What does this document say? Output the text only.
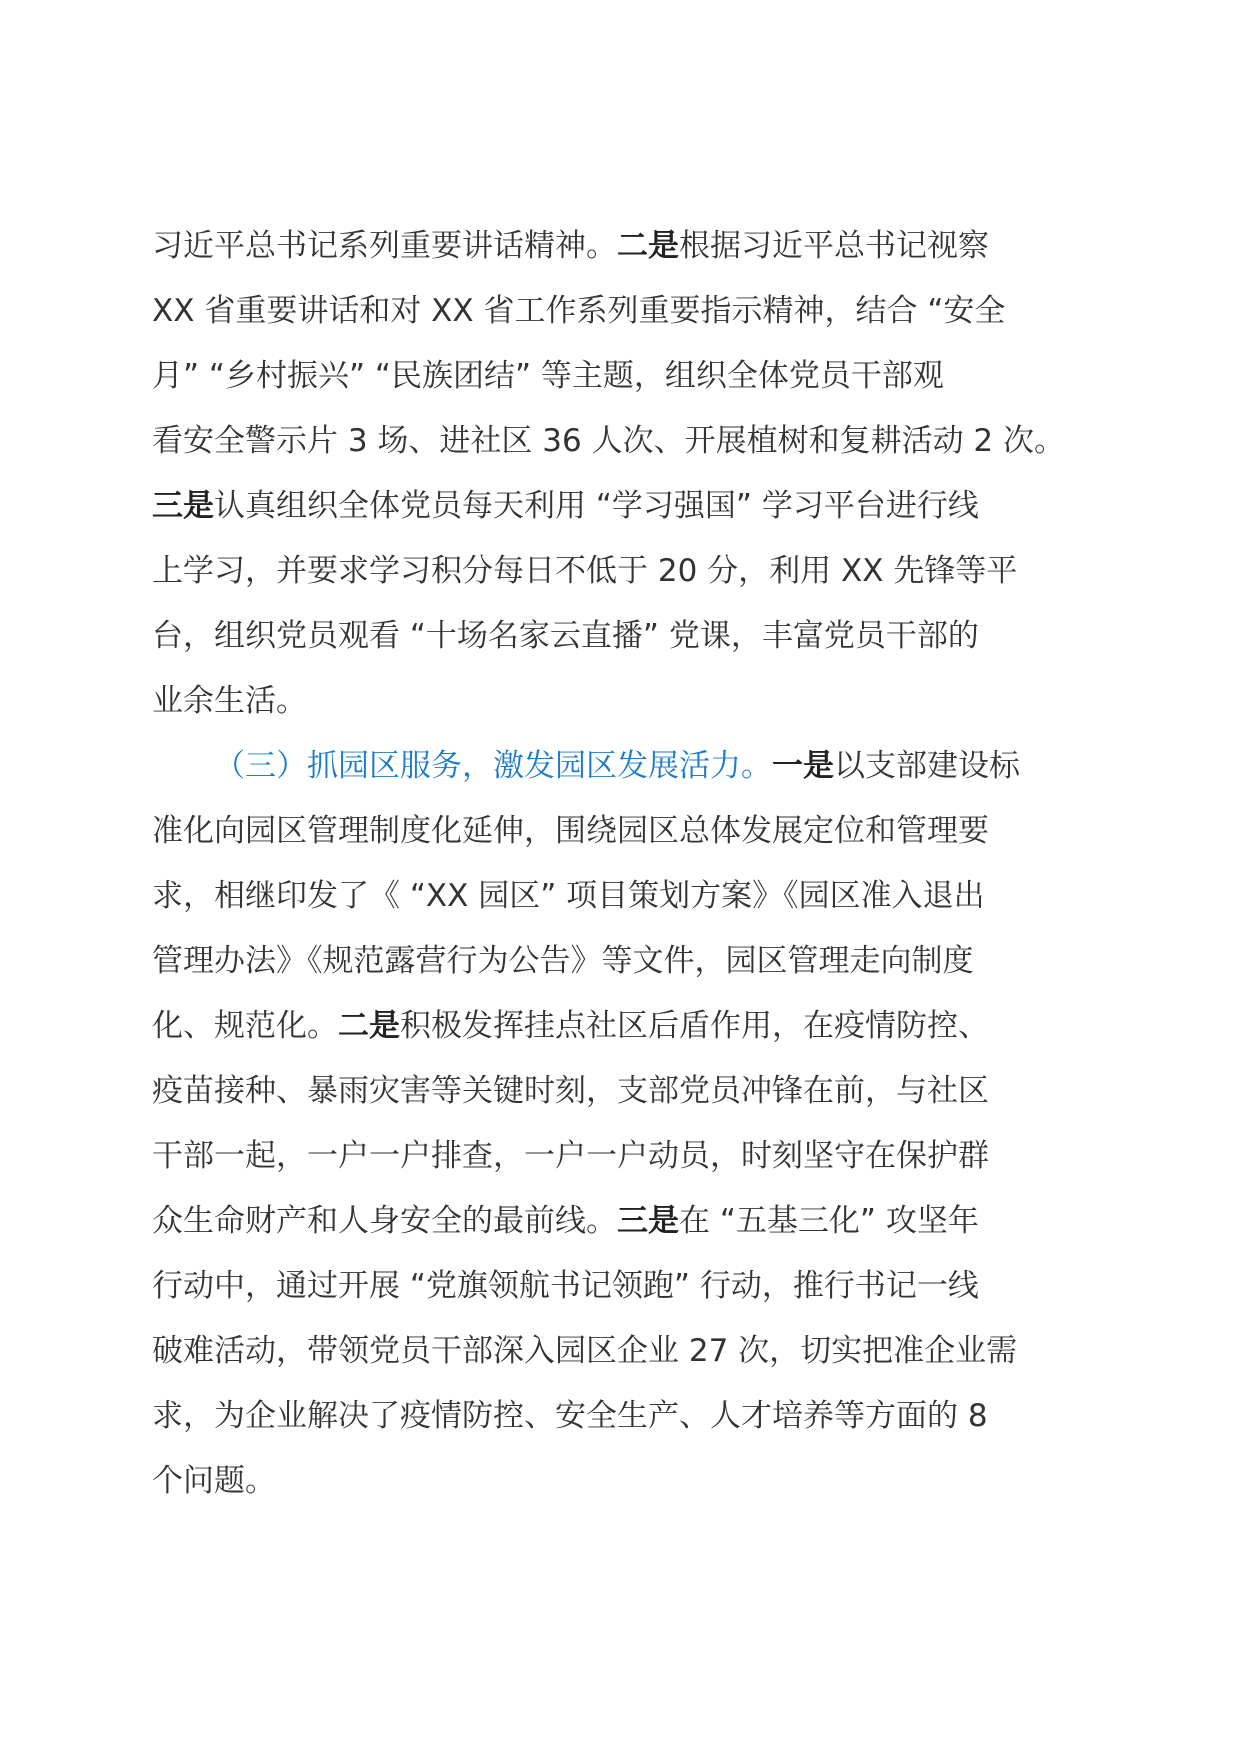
习近平总书记系列重要讲话精神。二是根据习近平总书记视察
XX 省重要讲话和对 XX 省工作系列重要指示精神，结合 “安全
月” “乡村振兴” “民族团结” 等主题，组织全体党员干部观
看安全警示片 3 场、进社区 36 人次、开展植树和复耕活动 2 次。
三是认真组织全体党员每天利用 “学习强国” 学习平台进行线
上学习，并要求学习积分每日不低于 20 分，利用 XX 先锋等平
台，组织党员观看 “十场名家云直播” 党课，丰富党员干部的
业余生活。
（三）抓园区服务，激发园区发展活力。一是以支部建设标
准化向园区管理制度化延伸，围绕园区总体发展定位和管理要
求，相继印发了《 “XX 园区” 项目策划方案》《园区准入退出
管理办法》《规范露营行为公告》等文件，园区管理走向制度
化、规范化。二是积极发挥挂点社区后盾作用，在疫情防控、
疫苗接种、暴雨灾害等关键时刻，支部党员冲锋在前，与社区
干部一起，一户一户排查，一户一户动员，时刻坚守在保护群
众生命财产和人身安全的最前线。三是在 “五基三化” 攻坚年
行动中，通过开展 “党旗领航书记领跑” 行动，推行书记一线
破难活动，带领党员干部深入园区企业 27 次，切实把准企业需
求，为企业解决了疫情防控、安全生产、人才培养等方面的 8
个问题。
